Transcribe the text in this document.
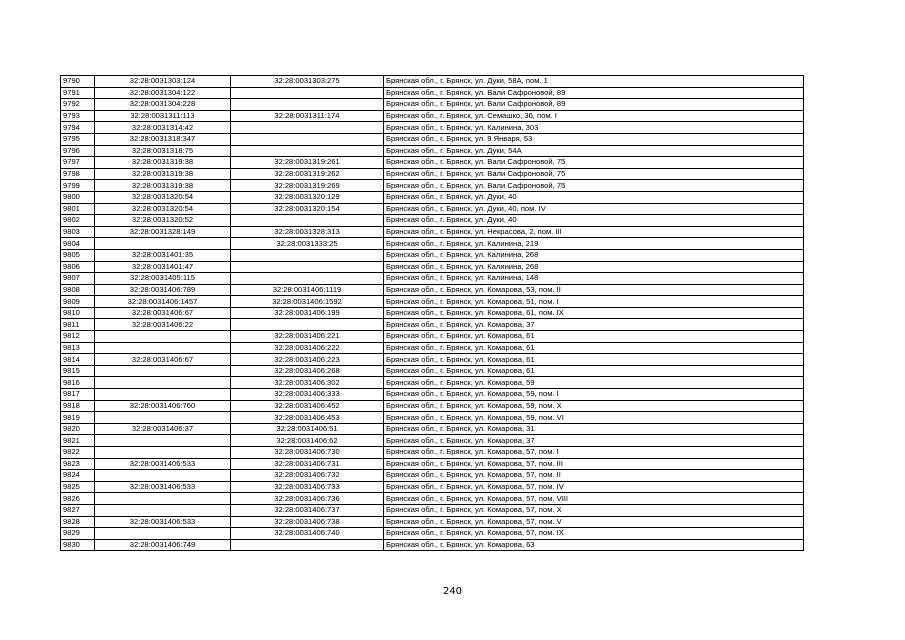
9790	32:28:0031303:124	32:28:0031303:275	Брянская обл., г. Брянск, ул. Дуки, 58А, пом. 1
9791	32:28:0031304:122		Брянская обл., г. Брянск, ул. Вали Сафроновой, 89
9792	32:28:0031304:228		Брянская обл., г. Брянск, ул. Вали Сафроновой, 89
9793	32:28:0031311:113	32:28:0031311:174	Брянская обл., г. Брянск, ул. Семашко, 36, пом. I
9794	32:28:0031314:42		Брянская обл., г. Брянск, ул. Калинина, 303
9795	32:28:0031318:347		Брянская обл., г. Брянск, ул. 9 Января, 53
9796	32:28:0031318:75		Брянская обл., г. Брянск, ул. Дуки, 54А
9797	32:28:0031319:38	32:28:0031319:261	Брянская обл., г. Брянск, ул. Вали Сафроновой, 75
9798	32:28:0031319:38	32:28:0031319:262	Брянская обл., г. Брянск, ул. Вали Сафроновой, 75
9799	32:28:0031319:38	32:28:0031319:269	Брянская обл., г. Брянск, ул. Вали Сафроновой, 75
9800	32:28:0031320:54	32:28:0031320:129	Брянская обл., г. Брянск, ул. Дуки, 40
9801	32:28:0031320:54	32:28:0031320:154	Брянская обл., г. Брянск, ул. Дуки, 40, пом. IV
9802	32:28:0031320:52		Брянская обл., г. Брянск, ул. Дуки, 40
9803	32:28:0031328:149	32:28:0031328:313	Брянская обл., г. Брянск, ул. Некрасова, 2, пом. III
9804		32:28:0031333:25	Брянская обл., г. Брянск, ул. Калинина, 219
9805	32:28:0031401:35		Брянская обл., г. Брянск, ул. Калинина, 268
9806	32:28:0031401:47		Брянская обл., г. Брянск, ул. Калинина, 268
9807	32:28:0031405:115		Брянская обл., г. Брянск, ул. Калинина, 148
9808	32:28:0031406:789	32:28:0031406:1119	Брянская обл., г. Брянск, ул. Комарова, 53, пом. II
9809	32:28:0031406:1457	32:28:0031406:1592	Брянская обл., г. Брянск, ул. Комарова, 51, пом. I
9810	32:28:0031406:67	32:28:0031406:199	Брянская обл., г. Брянск, ул. Комарова, 61, пом. IX
9811	32:28:0031406:22		Брянская обл., г. Брянск, ул. Комарова, 37
9812		32:28:0031406:221	Брянская обл., г. Брянск, ул. Комарова, 61
9813		32:28:0031406:222	Брянская обл., г. Брянск, ул. Комарова, 61
9814	32:28:0031406:67	32:28:0031406:223	Брянская обл., г. Брянск, ул. Комарова, 61
9815		32:28:0031406:268	Брянская обл., г. Брянск, ул. Комарова, 61
9816		32:28:0031406:302	Брянская обл., г. Брянск, ул. Комарова, 59
9817		32:28:0031406:333	Брянская обл., г. Брянск, ул. Комарова, 59, пом. I
9818	32:28:0031406:760	32:28:0031406:452	Брянская обл., г. Брянск, ул. Комарова, 59, пом. X
9819		32:28:0031406:453	Брянская обл., г. Брянск, ул. Комарова, 59, пом. VI
9820	32:28:0031406:37	32:28:0031406:51	Брянская обл., г. Брянск, ул. Комарова, 31
9821		32:28:0031406:62	Брянская обл., г. Брянск, ул. Комарова, 37
9822		32:28:0031406:730	Брянская обл., г. Брянск, ул. Комарова, 57, пом. I
9823	32:28:0031406:533	32:28:0031406:731	Брянская обл., г. Брянск, ул. Комарова, 57, пом. III
9824		32:28:0031406:732	Брянская обл., г. Брянск, ул. Комарова, 57, пом. II
9825	32:28:0031406:533	32:28:0031406:733	Брянская обл., г. Брянск, ул. Комарова, 57, пом. IV
9826		32:28:0031406:736	Брянская обл., г. Брянск, ул. Комарова, 57, пом. VIII
9827		32:28:0031406:737	Брянская обл., г. Брянск, ул. Комарова, 57, пом. X
9828	32:28:0031406:533	32:28:0031406:738	Брянская обл., г. Брянск, ул. Комарова, 57, пом. V
9829		32:28:0031406:740	Брянская обл., г. Брянск, ул. Комарова, 57, пом. IX
9830	32:28:0031406:749		Брянская обл., г. Брянск, ул. Комарова, 63
240
